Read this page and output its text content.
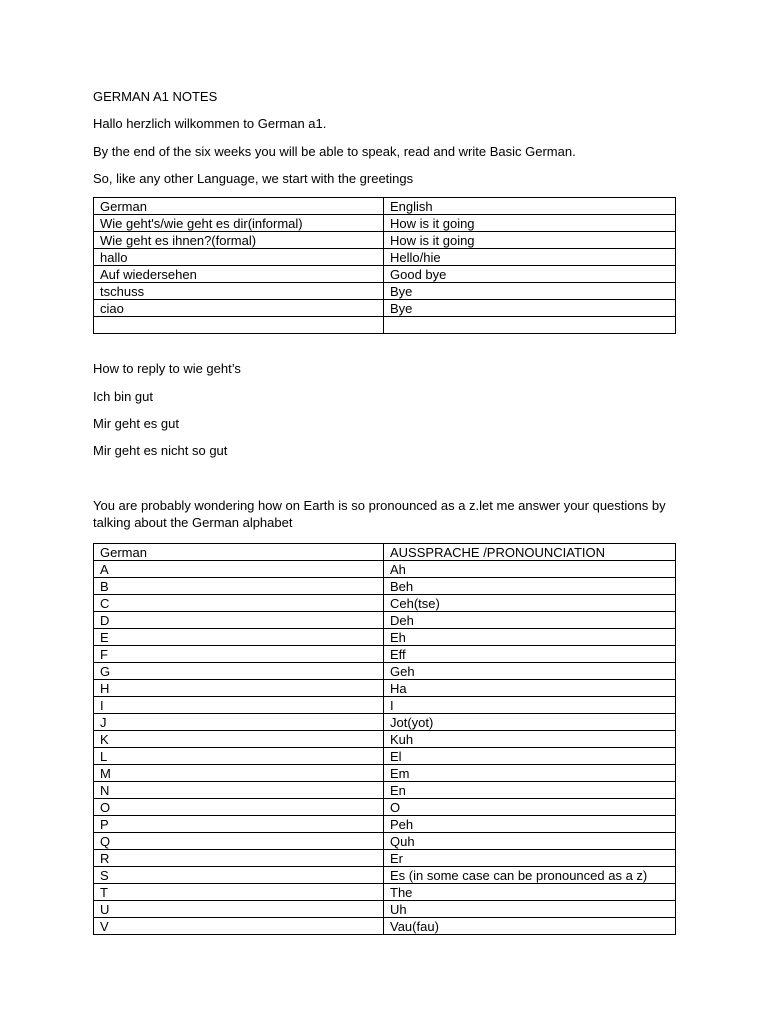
GERMAN A1 NOTES

Hallo herzlich wilkommen to German a1.

By the end of the six weeks you will be able to speak, read and write Basic German.

So, like any other Language, we start with the greetings

German	English
Wie geht's/wie geht es dir(informal)	How is it going
Wie geht es ihnen?(formal)	How is it going
hallo	Hello/hie
Auf wiedersehen	Good bye
tschuss	Bye
ciao	Bye

How to reply to wie geht’s

Ich bin gut

Mir geht es gut

Mir geht es nicht so gut

You are probably wondering how on Earth is so pronounced as a z.let me answer your questions by talking about the German alphabet

German	AUSSPRACHE /PRONOUNCIATION
A	Ah
B	Beh
C	Ceh(tse)
D	Deh
E	Eh
F	Eff
G	Geh
H	Ha
I	I
J	Jot(yot)
K	Kuh
L	El
M	Em
N	En
O	O
P	Peh
Q	Quh
R	Er
S	Es (in some case can be pronounced as a z)
T	The
U	Uh
V	Vau(fau)
